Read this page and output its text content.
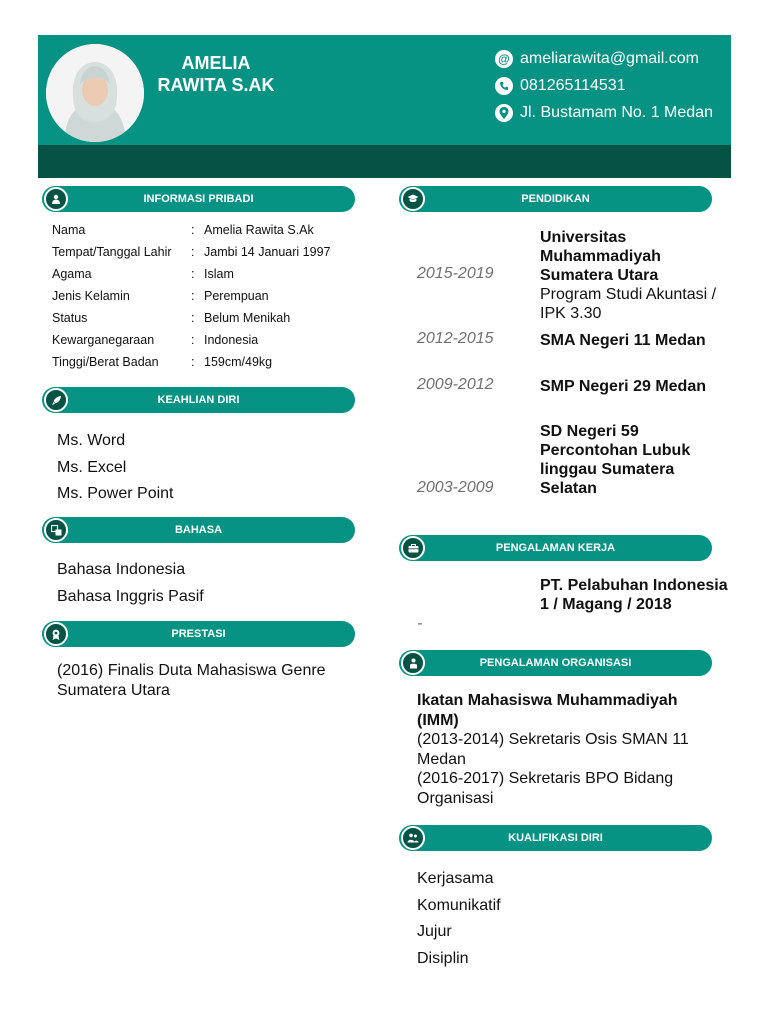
AMELIA
RAWITA S.AK
@ ameliarawita@gmail.com
081265114531
Jl. Bustamam No. 1 Medan
INFORMASI PRIBADI
Nama	: Amelia Rawita S.Ak
Tempat/Tanggal Lahir	: Jambi 14 Januari 1997
Agama	: Islam
Jenis Kelamin	: Perempuan
Status	: Belum Menikah
Kewarganegaraan	: Indonesia
Tinggi/Berat Badan	: 159cm/49kg
KEAHLIAN DIRI
Ms. Word
Ms. Excel
Ms. Power Point
BAHASA
Bahasa Indonesia
Bahasa Inggris Pasif
PRESTASI
(2016) Finalis Duta Mahasiswa Genre
Sumatera Utara
PENDIDIKAN
2015-2019
Universitas Muhammadiyah Sumatera Utara
Program Studi Akuntasi / IPK 3.30
2012-2015	SMA Negeri 11 Medan
2009-2012	SMP Negeri 29 Medan
2003-2009
SD Negeri 59 Percontohan Lubuk linggau Sumatera Selatan
PENGALAMAN KERJA
-
PT. Pelabuhan Indonesia 1 / Magang / 2018
PENGALAMAN ORGANISASI
Ikatan Mahasiswa Muhammadiyah (IMM)
(2013-2014) Sekretaris Osis SMAN 11 Medan
(2016-2017) Sekretaris BPO Bidang Organisasi
KUALIFIKASI DIRI
Kerjasama
Komunikatif
Jujur
Disiplin
